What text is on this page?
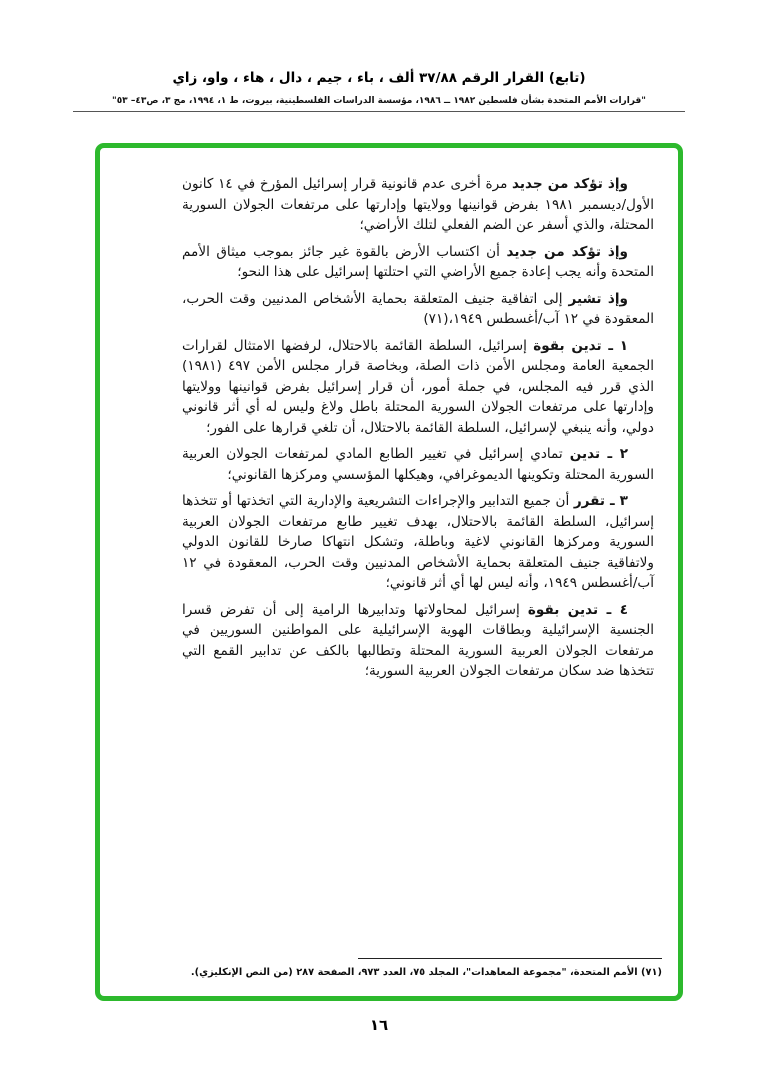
(تابع) القرار الرقم ٣٧/٨٨ ألف ، باء ، جيم ، دال ، هاء ، واو، زاي
"قرارات الأمم المتحدة بشأن فلسطين ١٩٨٢ ــ ١٩٨٦، مؤسسة الدراسات الفلسطينية، بيروت، ط ١، ١٩٩٤، مج ٣، ص٤٣– ٥٣"

وإذ تؤكد من جديد مرة أخرى عدم قانونية قرار إسرائيل المؤرخ في ١٤ كانون الأول/ديسمبر ١٩٨١ بفرض قوانينها وولايتها وإدارتها على مرتفعات الجولان السورية المحتلة، والذي أسفر عن الضم الفعلي لتلك الأراضي؛

وإذ تؤكد من جديد أن اكتساب الأرض بالقوة غير جائز بموجب ميثاق الأمم المتحدة وأنه يجب إعادة جميع الأراضي التي احتلتها إسرائيل على هذا النحو؛

وإذ تشير إلى اتفاقية جنيف المتعلقة بحماية الأشخاص المدنيين وقت الحرب، المعقودة في ١٢ آب/أغسطس ١٩٤٩،(٧١)

١ ـ تدين بقوة إسرائيل، السلطة القائمة بالاحتلال، لرفضها الامتثال لقرارات الجمعية العامة ومجلس الأمن ذات الصلة، وبخاصة قرار مجلس الأمن ٤٩٧ (١٩٨١) الذي قرر فيه المجلس، في جملة أمور، أن قرار إسرائيل بفرض قوانينها وولايتها وإدارتها على مرتفعات الجولان السورية المحتلة باطل ولاغ وليس له أي أثر قانوني دولي، وأنه ينبغي لإسرائيل، السلطة القائمة بالاحتلال، أن تلغي قرارها على الفور؛

٢ ـ تدين تمادي إسرائيل في تغيير الطابع المادي لمرتفعات الجولان العربية السورية المحتلة وتكوينها الديموغرافي، وهيكلها المؤسسي ومركزها القانوني؛

٣ ـ تقرر أن جميع التدابير والإجراءات التشريعية والإدارية التي اتخذتها أو تتخذها إسرائيل، السلطة القائمة بالاحتلال، بهدف تغيير طابع مرتفعات الجولان العربية السورية ومركزها القانوني لاغية وباطلة، وتشكل انتهاكا صارخا للقانون الدولي ولاتفاقية جنيف المتعلقة بحماية الأشخاص المدنيين وقت الحرب، المعقودة في ١٢ آب/أغسطس ١٩٤٩، وأنه ليس لها أي أثر قانوني؛

٤ ـ تدين بقوة إسرائيل لمحاولاتها وتدابيرها الرامية إلى أن تفرض قسرا الجنسية الإسرائيلية وبطاقات الهوية الإسرائيلية على المواطنين السوريين في مرتفعات الجولان العربية السورية المحتلة وتطالبها بالكف عن تدابير القمع التي تتخذها ضد سكان مرتفعات الجولان العربية السورية؛

(٧١) الأمم المتحدة، "مجموعة المعاهدات"، المجلد ٧٥، العدد ٩٧٣، الصفحة ٢٨٧ (من النص الإنكليزي).
١٦
